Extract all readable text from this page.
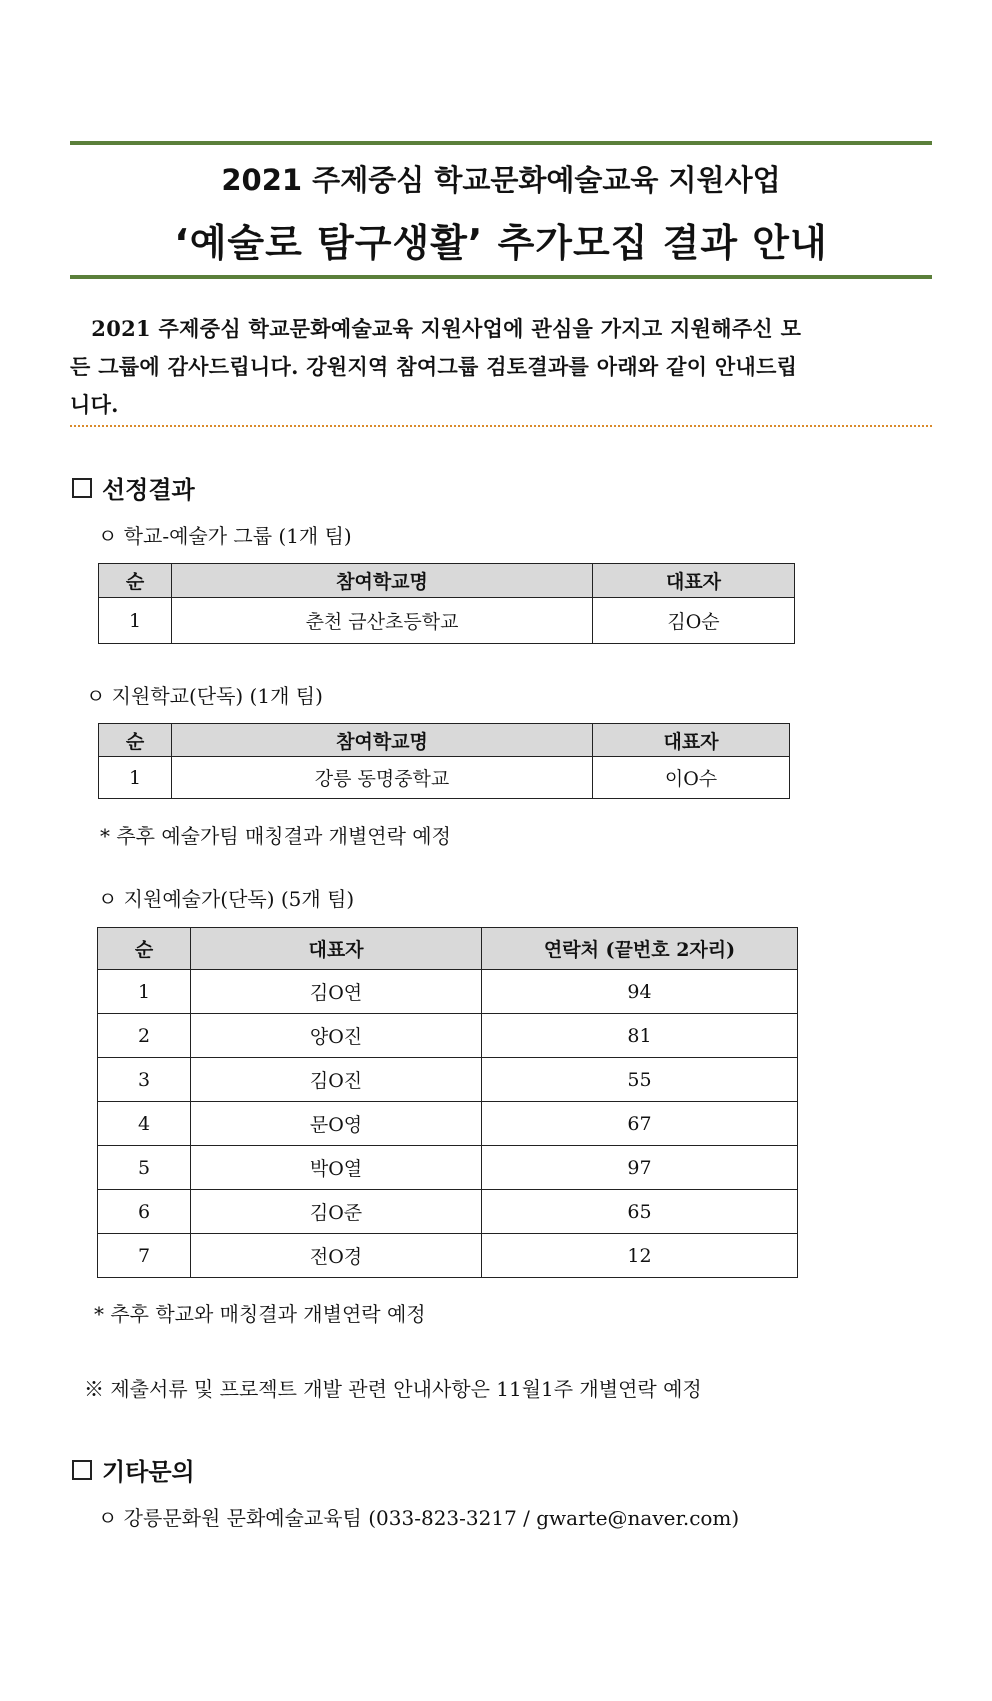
2021 주제중심 학교문화예술교육 지원사업
‘예술로 탐구생활’ 추가모집 결과 안내
　2021 주제중심 학교문화예술교육 지원사업에 관심을 가지고 지원해주신 모
든 그룹에 감사드립니다. 강원지역 참여그룹 검토결과를 아래와 같이 안내드립
니다.
선정결과
ㅇ 학교-예술가 그룹 (1개 팀)
순	참여학교명	대표자
1	춘천 금산초등학교	김O순
ㅇ 지원학교(단독) (1개 팀)
순	참여학교명	대표자
1	강릉 동명중학교	이O수
* 추후 예술가팀 매칭결과 개별연락 예정
ㅇ 지원예술가(단독) (5개 팀)
순	대표자	연락처 (끝번호 2자리)
1	김O연	94
2	양O진	81
3	김O진	55
4	문O영	67
5	박O열	97
6	김O준	65
7	전O경	12
* 추후 학교와 매칭결과 개별연락 예정
※ 제출서류 및 프로젝트 개발 관련 안내사항은 11월1주 개별연락 예정
기타문의
ㅇ 강릉문화원 문화예술교육팀 (033-823-3217 / gwarte@naver.com)
